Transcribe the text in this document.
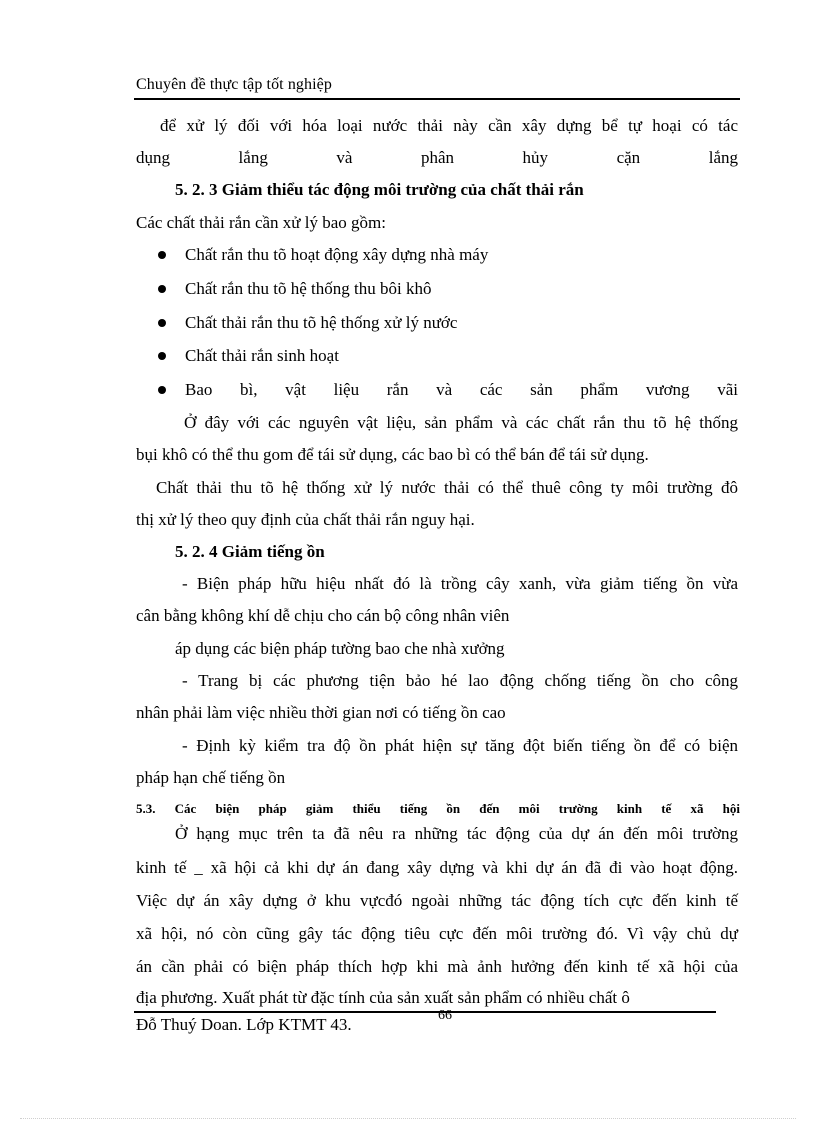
Chuyên đề thực tập tốt nghiệp
để xử lý đối với hóa loại nước thải này cần xây dựng bể tự hoại có tác
dụng lắng và phân hủy cặn lắng
5. 2. 3 Giảm thiểu tác động môi trường của chất thải rắn
Các chất thải rắn cần xử lý bao gồm:
Chất rắn thu tõ hoạt động xây dựng nhà máy
Chất rắn thu tõ hệ thống thu bôi khô
Chất thải rắn thu tõ hệ thống xử lý nước
Chất thải rắn sinh hoạt
Bao bì, vật liệu rắn và các sản phẩm vương vãi
Ở đây với các nguyên vật liệu, sản phẩm và các chất rắn thu tõ hệ thống
bụi khô có thể thu gom để tái sử dụng, các bao bì có thể bán để tái sử dụng.
Chất thải thu tõ hệ thống xử lý nước thải có thể thuê công ty môi trường đô
thị xử lý theo quy định của chất thải rắn nguy hại.
5. 2. 4 Giảm tiếng ồn
- Biện pháp hữu hiệu nhất đó là trồng cây xanh, vừa giảm tiếng ồn vừa
cân bằng không khí dễ chịu cho cán bộ công nhân viên
áp dụng các biện pháp tường bao che nhà xưởng
- Trang bị các phương tiện bảo hé lao động chống tiếng ồn cho công
nhân phải làm việc nhiều thời gian nơi có tiếng ồn cao
- Định kỳ kiểm tra độ ồn phát hiện sự tăng đột biến tiếng ồn để có biện
pháp hạn chế tiếng ồn
5.3. Các biện pháp giảm thiểu tiếng ồn đến môi trường kinh tế xã hội
Ở hạng mục trên ta đã nêu ra những tác động của dự án đến môi trường
kinh tế _ xã hội cả khi dự án đang xây dựng và khi dự án đã đi vào hoạt động.
Việc dự án xây dựng ở khu vựcđó ngoài những tác động tích cực đến kinh tế
xã hội, nó còn cũng gây tác động tiêu cực đến môi trường đó. Vì vậy chủ dự
án cần phải có biện pháp thích hợp khi mà ảnh hưởng đến kinh tế xã hội của
địa phương. Xuất phát từ đặc tính của sản xuất sản phẩm có nhiều chất ô
Đỗ Thuý Doan. Lớp KTMT 43.	66
